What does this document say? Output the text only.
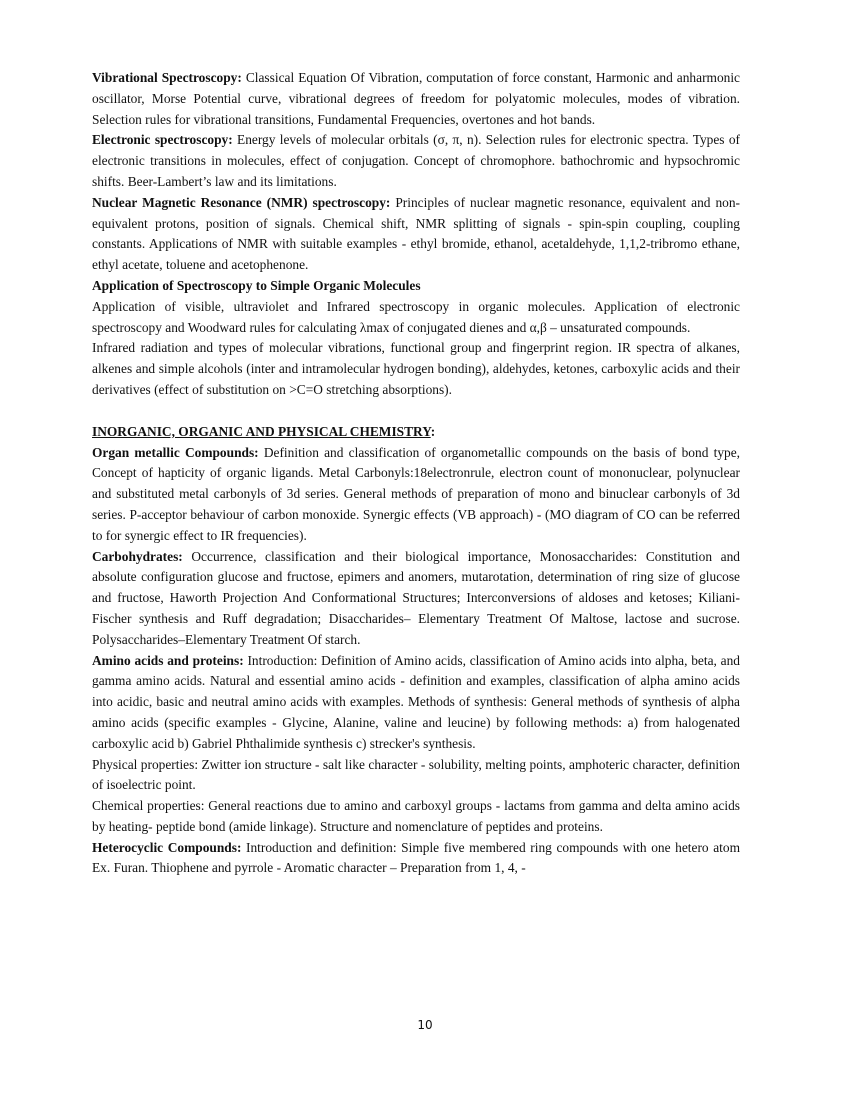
Vibrational Spectroscopy: Classical Equation Of Vibration, computation of force constant, Harmonic and anharmonic oscillator, Morse Potential curve, vibrational degrees of freedom for polyatomic molecules, modes of vibration. Selection rules for vibrational transitions, Fundamental Frequencies, overtones and hot bands.

Electronic spectroscopy: Energy levels of molecular orbitals (σ, π, n). Selection rules for electronic spectra. Types of electronic transitions in molecules, effect of conjugation. Concept of chromophore. bathochromic and hypsochromic shifts. Beer-Lambert’s law and its limitations.

Nuclear Magnetic Resonance (NMR) spectroscopy: Principles of nuclear magnetic resonance, equivalent and non-equivalent protons, position of signals. Chemical shift, NMR splitting of signals - spin-spin coupling, coupling constants. Applications of NMR with suitable examples - ethyl bromide, ethanol, acetaldehyde, 1,1,2-tribromo ethane, ethyl acetate, toluene and acetophenone.

Application of Spectroscopy to Simple Organic Molecules

Application of visible, ultraviolet and Infrared spectroscopy in organic molecules. Application of electronic spectroscopy and Woodward rules for calculating λmax of conjugated dienes and α,β – unsaturated compounds.

Infrared radiation and types of molecular vibrations, functional group and fingerprint region. IR spectra of alkanes, alkenes and simple alcohols (inter and intramolecular hydrogen bonding), aldehydes, ketones, carboxylic acids and their derivatives (effect of substitution on >C=O stretching absorptions).

INORGANIC, ORGANIC AND PHYSICAL CHEMISTRY:

Organ metallic Compounds: Definition and classification of organometallic compounds on the basis of bond type, Concept of hapticity of organic ligands. Metal Carbonyls:18electronrule, electron count of mononuclear, polynuclear and substituted metal carbonyls of 3d series. General methods of preparation of mono and binuclear carbonyls of 3d series. P-acceptor behaviour of carbon monoxide. Synergic effects (VB approach) - (MO diagram of CO can be referred to for synergic effect to IR frequencies).

Carbohydrates: Occurrence, classification and their biological importance, Monosaccharides: Constitution and absolute configuration glucose and fructose, epimers and anomers, mutarotation, determination of ring size of glucose and fructose, Haworth Projection And Conformational Structures; Interconversions of aldoses and ketoses; Kiliani-Fischer synthesis and Ruff degradation; Disaccharides– Elementary Treatment Of Maltose, lactose and sucrose. Polysaccharides–Elementary Treatment Of starch.

Amino acids and proteins: Introduction: Definition of Amino acids, classification of Amino acids into alpha, beta, and gamma amino acids. Natural and essential amino acids - definition and examples, classification of alpha amino acids into acidic, basic and neutral amino acids with examples. Methods of synthesis: General methods of synthesis of alpha amino acids (specific examples - Glycine, Alanine, valine and leucine) by following methods: a) from halogenated carboxylic acid b) Gabriel Phthalimide synthesis c) strecker's synthesis.

Physical properties: Zwitter ion structure - salt like character - solubility, melting points, amphoteric character, definition of isoelectric point.

Chemical properties: General reactions due to amino and carboxyl groups - lactams from gamma and delta amino acids by heating- peptide bond (amide linkage). Structure and nomenclature of peptides and proteins.

Heterocyclic Compounds: Introduction and definition: Simple five membered ring compounds with one hetero atom Ex. Furan. Thiophene and pyrrole - Aromatic character – Preparation from 1, 4, -

10
